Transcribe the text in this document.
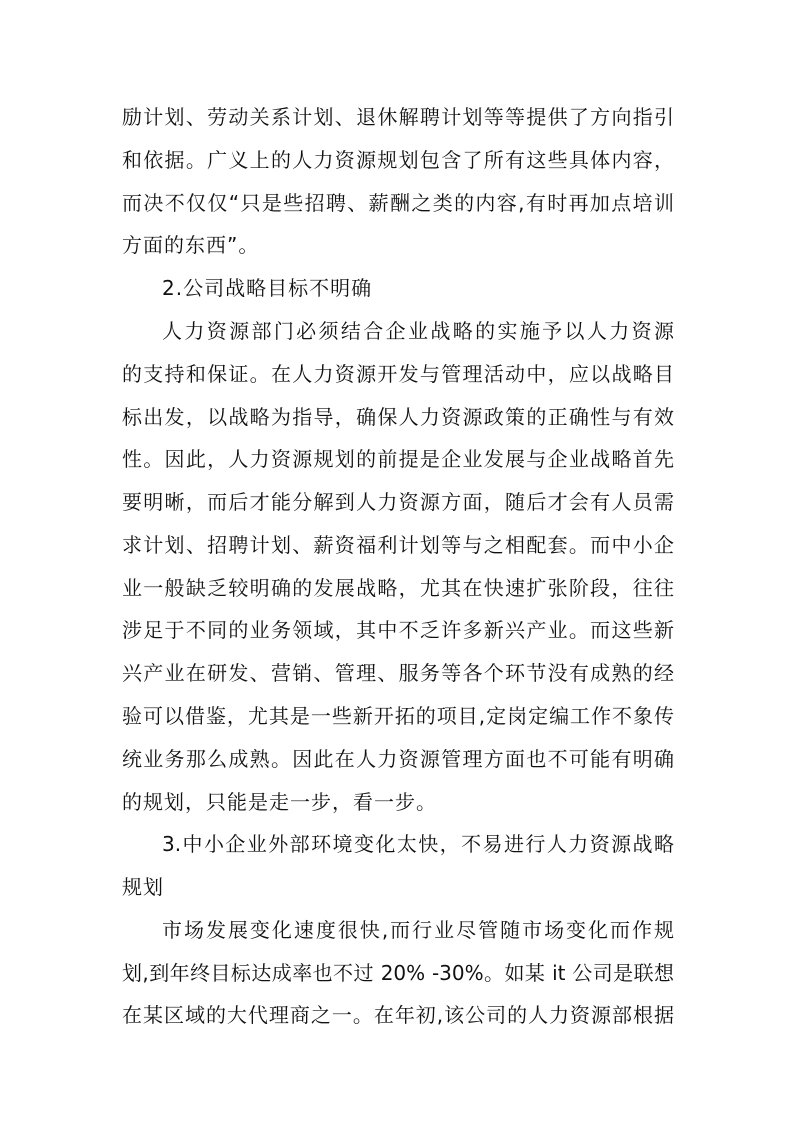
励计划、劳动关系计划、退休解聘计划等等提供了方向指引
和依据。广义上的人力资源规划包含了所有这些具体内容，
而决不仅仅“只是些招聘、薪酬之类的内容,有时再加点培训
方面的东西”。
2.公司战略目标不明确
人力资源部门必须结合企业战略的实施予以人力资源
的支持和保证。在人力资源开发与管理活动中，应以战略目
标出发，以战略为指导，确保人力资源政策的正确性与有效
性。因此，人力资源规划的前提是企业发展与企业战略首先
要明晰，而后才能分解到人力资源方面，随后才会有人员需
求计划、招聘计划、薪资福利计划等与之相配套。而中小企
业一般缺乏较明确的发展战略，尤其在快速扩张阶段，往往
涉足于不同的业务领域，其中不乏许多新兴产业。而这些新
兴产业在研发、营销、管理、服务等各个环节没有成熟的经
验可以借鉴，尤其是一些新开拓的项目,定岗定编工作不象传
统业务那么成熟。因此在人力资源管理方面也不可能有明确
的规划，只能是走一步，看一步。
3.中小企业外部环境变化太快，不易进行人力资源战略
规划
市场发展变化速度很快,而行业尽管随市场变化而作规
划,到年终目标达成率也不过 20% -30%。如某 it 公司是联想
在某区域的大代理商之一。在年初,该公司的人力资源部根据
